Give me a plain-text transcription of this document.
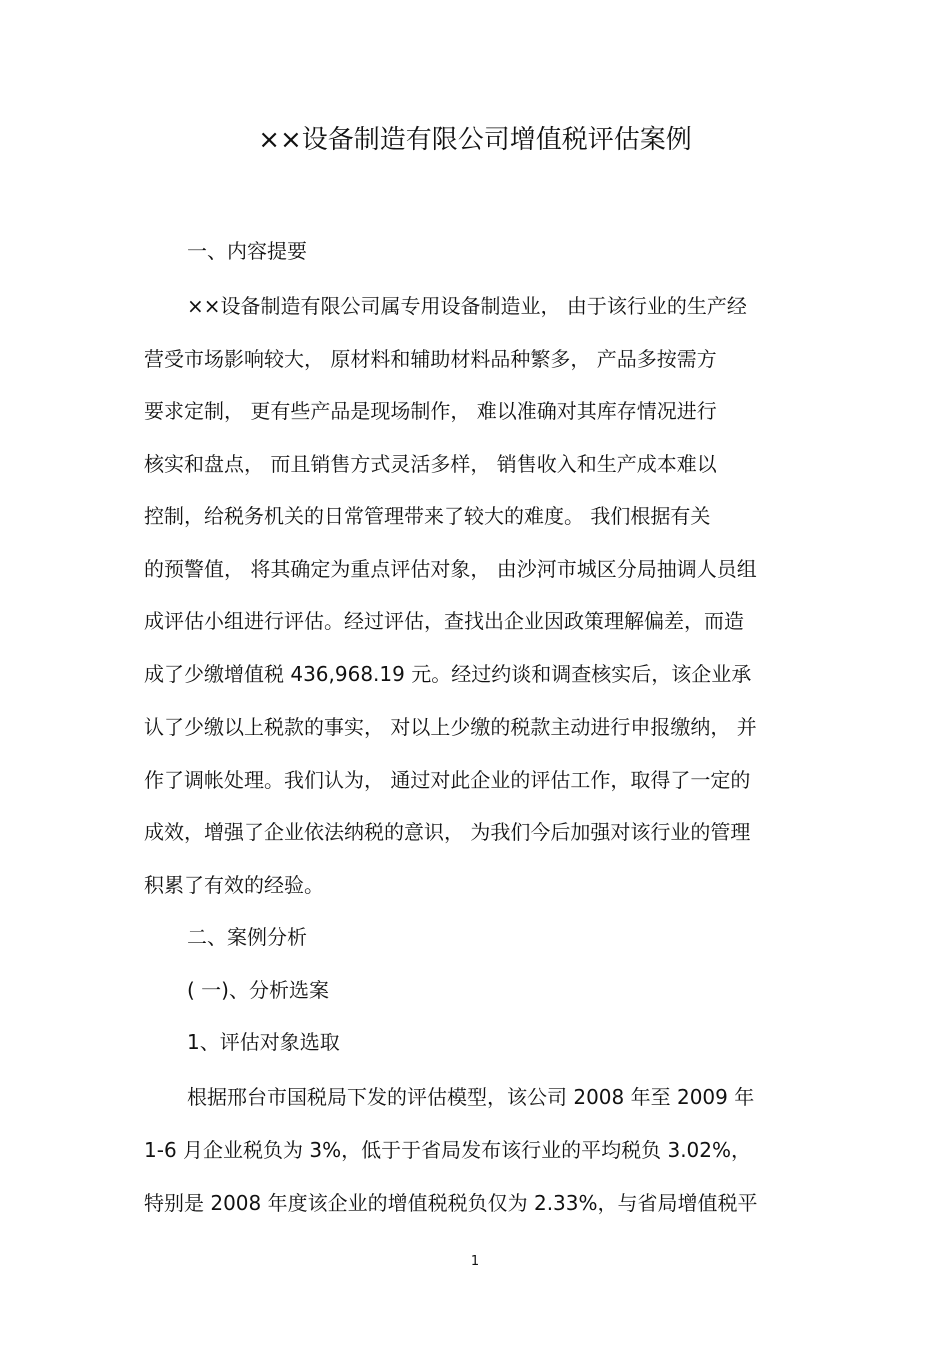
××设备制造有限公司增值税评估案例

一、内容提要

××设备制造有限公司属专用设备制造业， 由于该行业的生产经

营受市场影响较大， 原材料和辅助材料品种繁多， 产品多按需方

要求定制， 更有些产品是现场制作， 难以准确对其库存情况进行

核实和盘点， 而且销售方式灵活多样， 销售收入和生产成本难以

控制，给税务机关的日常管理带来了较大的难度。 我们根据有关

的预警值， 将其确定为重点评估对象， 由沙河市城区分局抽调人员组

成评估小组进行评估。经过评估，查找出企业因政策理解偏差，而造

成了少缴增值税 436,968.19 元。经过约谈和调查核实后，该企业承

认了少缴以上税款的事实， 对以上少缴的税款主动进行申报缴纳， 并

作了调帐处理。我们认为， 通过对此企业的评估工作，取得了一定的

成效，增强了企业依法纳税的意识， 为我们今后加强对该行业的管理

积累了有效的经验。

二、案例分析

( 一)、分析选案

1、评估对象选取

根据邢台市国税局下发的评估模型，该公司 2008 年至 2009 年

1-6 月企业税负为 3%，低于于省局发布该行业的平均税负 3.02%，

特别是 2008 年度该企业的增值税税负仅为 2.33%，与省局增值税平

1
